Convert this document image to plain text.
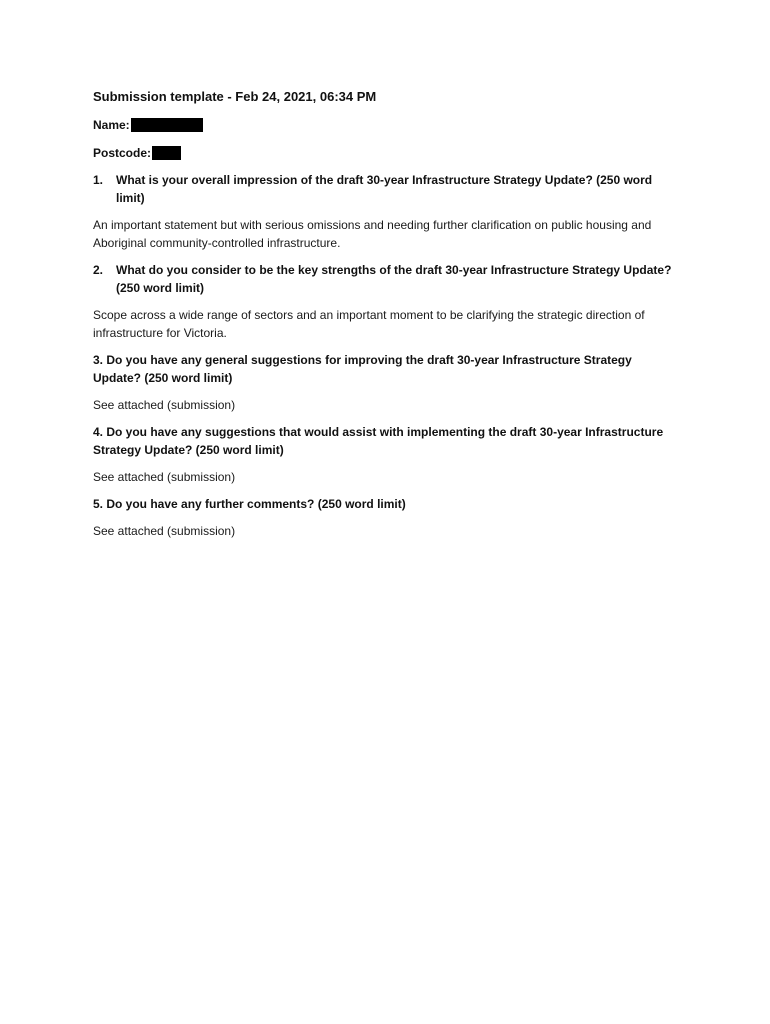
Submission template - Feb 24, 2021, 06:34 PM
Name:
Postcode:
1.	What is your overall impression of the draft 30-year Infrastructure Strategy Update? (250 word limit)
An important statement but with serious omissions and needing further clarification on public housing and Aboriginal community-controlled infrastructure.
2.	What do you consider to be the key strengths of the draft 30-year Infrastructure Strategy Update? (250 word limit)
Scope across a wide range of sectors and an important moment to be clarifying the strategic direction of infrastructure for Victoria.
3. Do you have any general suggestions for improving the draft 30-year Infrastructure Strategy Update? (250 word limit)
See attached (submission)
4. Do you have any suggestions that would assist with implementing the draft 30-year Infrastructure Strategy Update? (250 word limit)
See attached (submission)
5. Do you have any further comments? (250 word limit)
See attached (submission)
